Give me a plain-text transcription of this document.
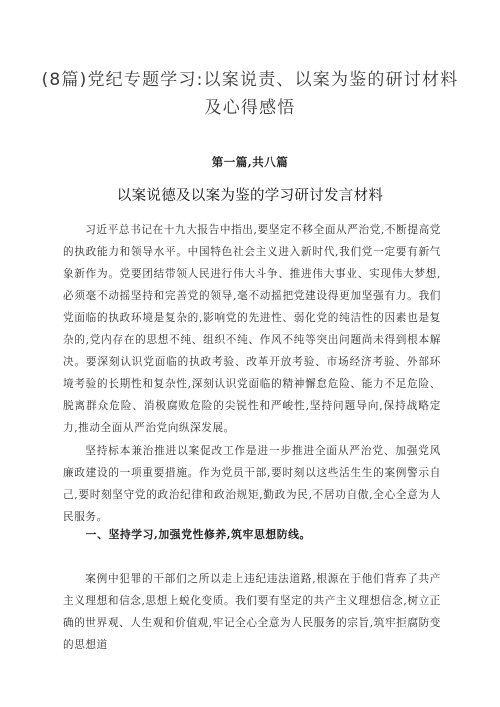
(8篇)党纪专题学习:以案说责、以案为鉴的研讨材料及心得感悟
第一篇,共八篇
以案说德及以案为鉴的学习研讨发言材料

习近平总书记在十九大报告中指出,要坚定不移全面从严治党,不断提高党的执政能力和领导水平。中国特色社会主义进入新时代,我们党一定要有新气象新作为。党要团结带领人民进行伟大斗争、推进伟大事业、实现伟大梦想,必须毫不动摇坚持和完善党的领导,毫不动摇把党建设得更加坚强有力。我们党面临的执政环境是复杂的,影响党的先进性、弱化党的纯洁性的因素也是复杂的,党内存在的思想不纯、组织不纯、作风不纯等突出问题尚未得到根本解决。要深刻认识党面临的执政考验、改革开放考验、市场经济考验、外部环境考验的长期性和复杂性,深刻认识党面临的精神懈怠危险、能力不足危险、脱离群众危险、消极腐败危险的尖锐性和严峻性,坚持问题导向,保持战略定力,推动全面从严治党向纵深发展。

坚持标本兼治推进以案促改工作是进一步推进全面从严治党、加强党风廉政建设的一项重要措施。作为党员干部,要时刻以这些活生生的案例警示自己,要时刻坚守党的政治纪律和政治规矩,勤政为民,不居功自傲,全心全意为人民服务。

一、坚持学习,加强党性修养,筑牢思想防线。

案例中犯罪的干部们之所以走上违纪违法道路,根源在于他们背弃了共产主义理想和信念,思想上蜕化变质。我们要有坚定的共产主义理想信念,树立正确的世界观、人生观和价值观,牢记全心全意为人民服务的宗旨,筑牢拒腐防变的思想道
